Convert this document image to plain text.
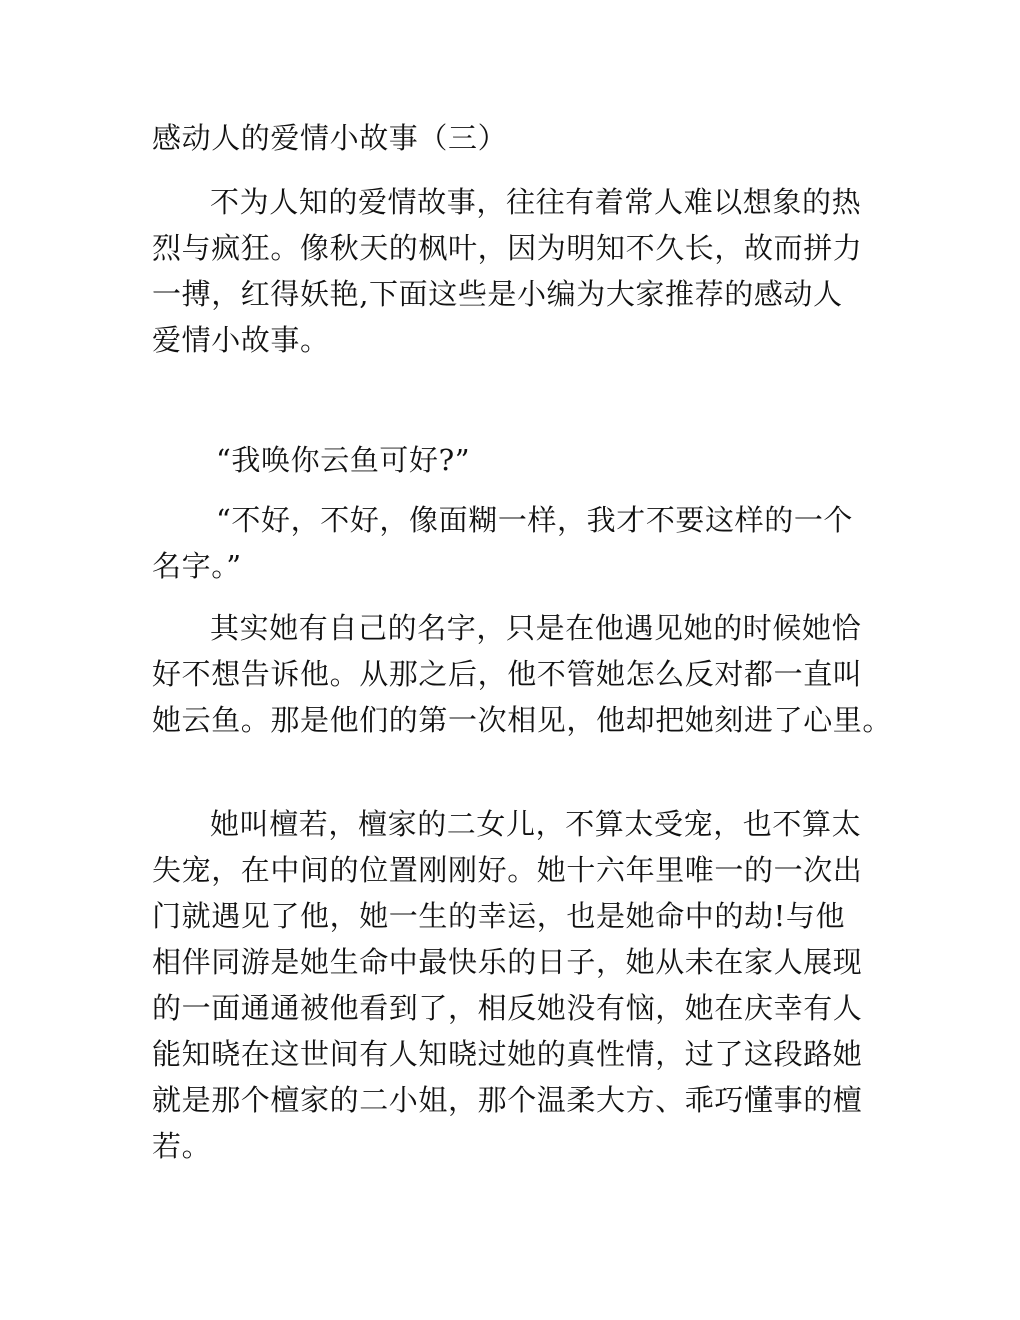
感动人的爱情小故事（三）
不为人知的爱情故事，往往有着常人难以想象的热
烈与疯狂。像秋天的枫叶，因为明知不久长，故而拼力
一搏，红得妖艳,下面这些是小编为大家推荐的感动人
爱情小故事。
“我唤你云鱼可好?”
“不好，不好，像面糊一样，我才不要这样的一个
名字。”
其实她有自己的名字，只是在他遇见她的时候她恰
好不想告诉他。从那之后，他不管她怎么反对都一直叫
她云鱼。那是他们的第一次相见，他却把她刻进了心里。
她叫檀若，檀家的二女儿，不算太受宠，也不算太
失宠，在中间的位置刚刚好。她十六年里唯一的一次出
门就遇见了他，她一生的幸运，也是她命中的劫!与他
相伴同游是她生命中最快乐的日子，她从未在家人展现
的一面通通被他看到了，相反她没有恼，她在庆幸有人
能知晓在这世间有人知晓过她的真性情，过了这段路她
就是那个檀家的二小姐，那个温柔大方、乖巧懂事的檀
若。
